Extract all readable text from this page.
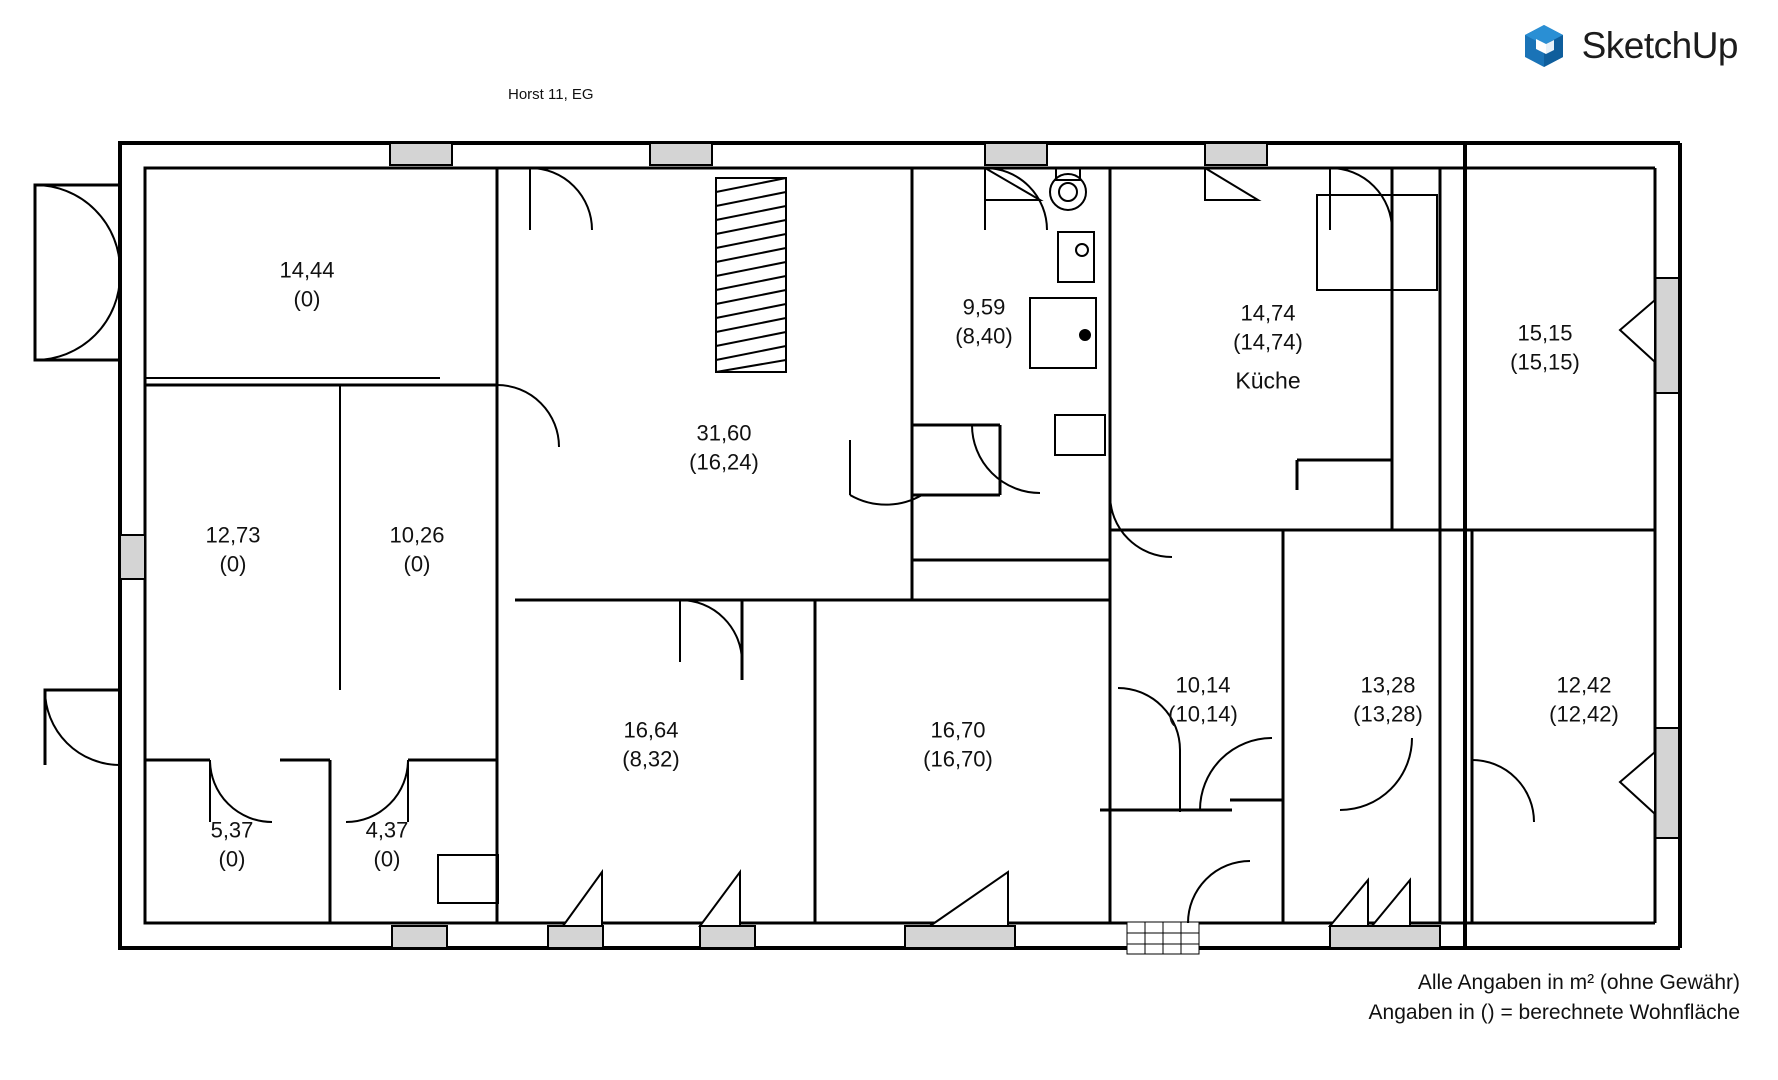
SketchUp
Horst 11, EG
14,44
(0)
12,73
(0)
10,26
(0)
5,37
(0)
4,37
(0)
31,60
(16,24)
16,64
(8,32)
16,70
(16,70)
9,59
(8,40)
14,74
(14,74)
Küche
15,15
(15,15)
10,14
(10,14)
13,28
(13,28)
12,42
(12,42)
Alle Angaben in m² (ohne Gewähr)
Angaben in () = berechnete Wohnfläche
